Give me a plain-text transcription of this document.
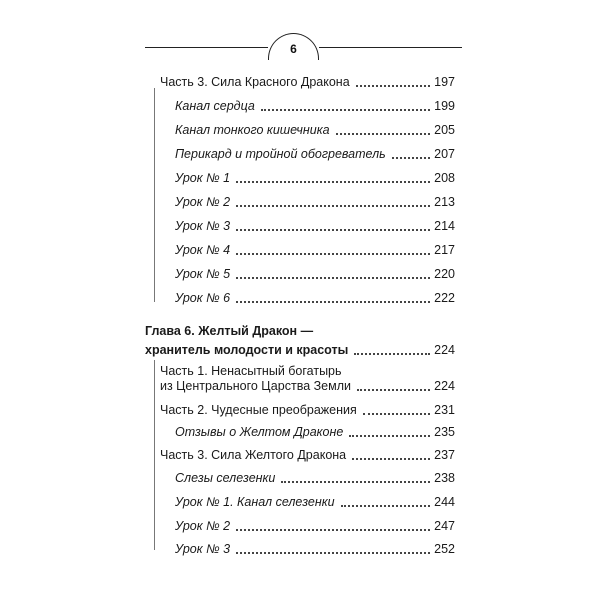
6
Часть 3. Сила Красного Дракона	197
Канал сердца	199
Канал тонкого кишечника	205
Перикард и тройной обогреватель	207
Урок № 1	208
Урок № 2	213
Урок № 3	214
Урок № 4	217
Урок № 5	220
Урок № 6	222
Глава 6. Желтый Дракон —
хранитель молодости и красоты	224
Часть 1. Ненасытный богатырь
из Центрального Царства Земли	224
Часть 2. Чудесные преображения	231
Отзывы о Желтом Драконе	235
Часть 3. Сила Желтого Дракона	237
Слезы селезенки	238
Урок № 1. Канал селезенки	244
Урок № 2	247
Урок № 3	252
